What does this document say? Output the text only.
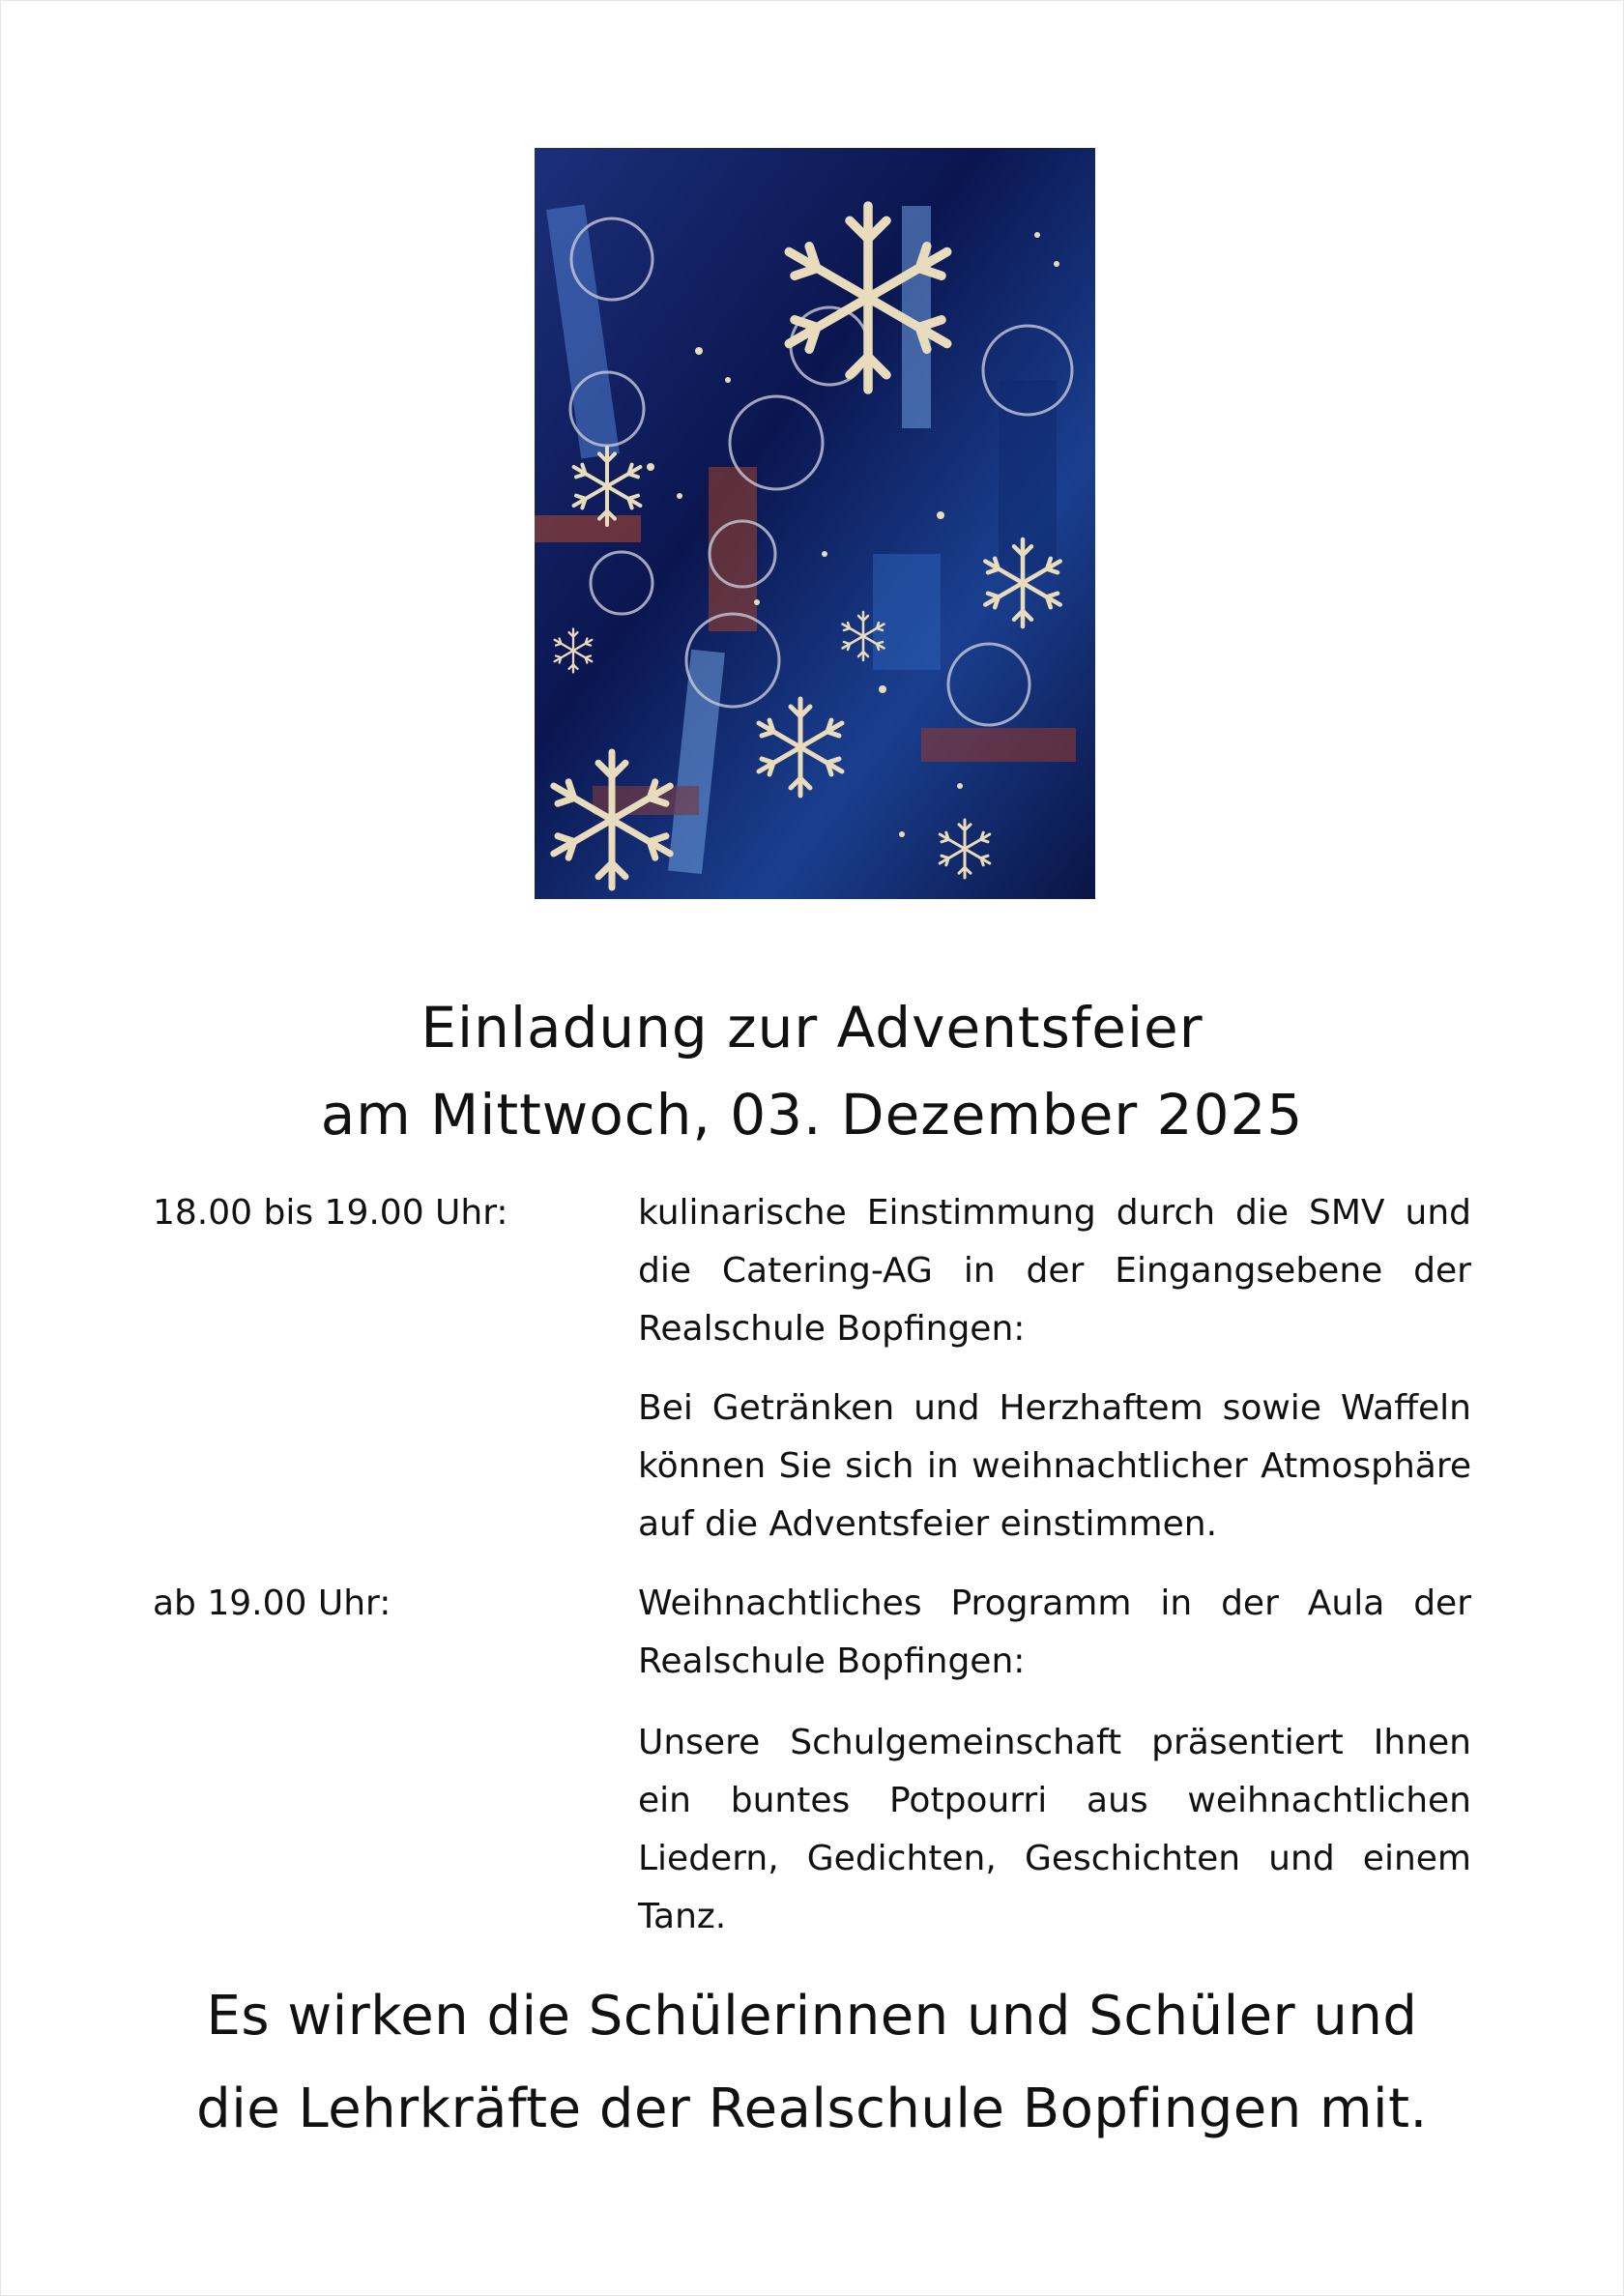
Einladung zur Adventsfeier
am Mittwoch, 03. Dezember 2025
18.00 bis 19.00 Uhr:	kulinarische Einstimmung durch die SMV und die Catering-AG in der Eingangsebene der Realschule Bopfingen:
Bei Getränken und Herzhaftem sowie Waffeln können Sie sich in weihnachtlicher Atmosphäre auf die Adventsfeier einstimmen.
ab 19.00 Uhr:	Weihnachtliches Programm in der Aula der Realschule Bopfingen:
Unsere Schulgemeinschaft präsentiert Ihnen ein buntes Potpourri aus weihnachtlichen Liedern, Gedichten, Geschichten und einem Tanz.
Es wirken die Schülerinnen und Schüler und
die Lehrkräfte der Realschule Bopfingen mit.
